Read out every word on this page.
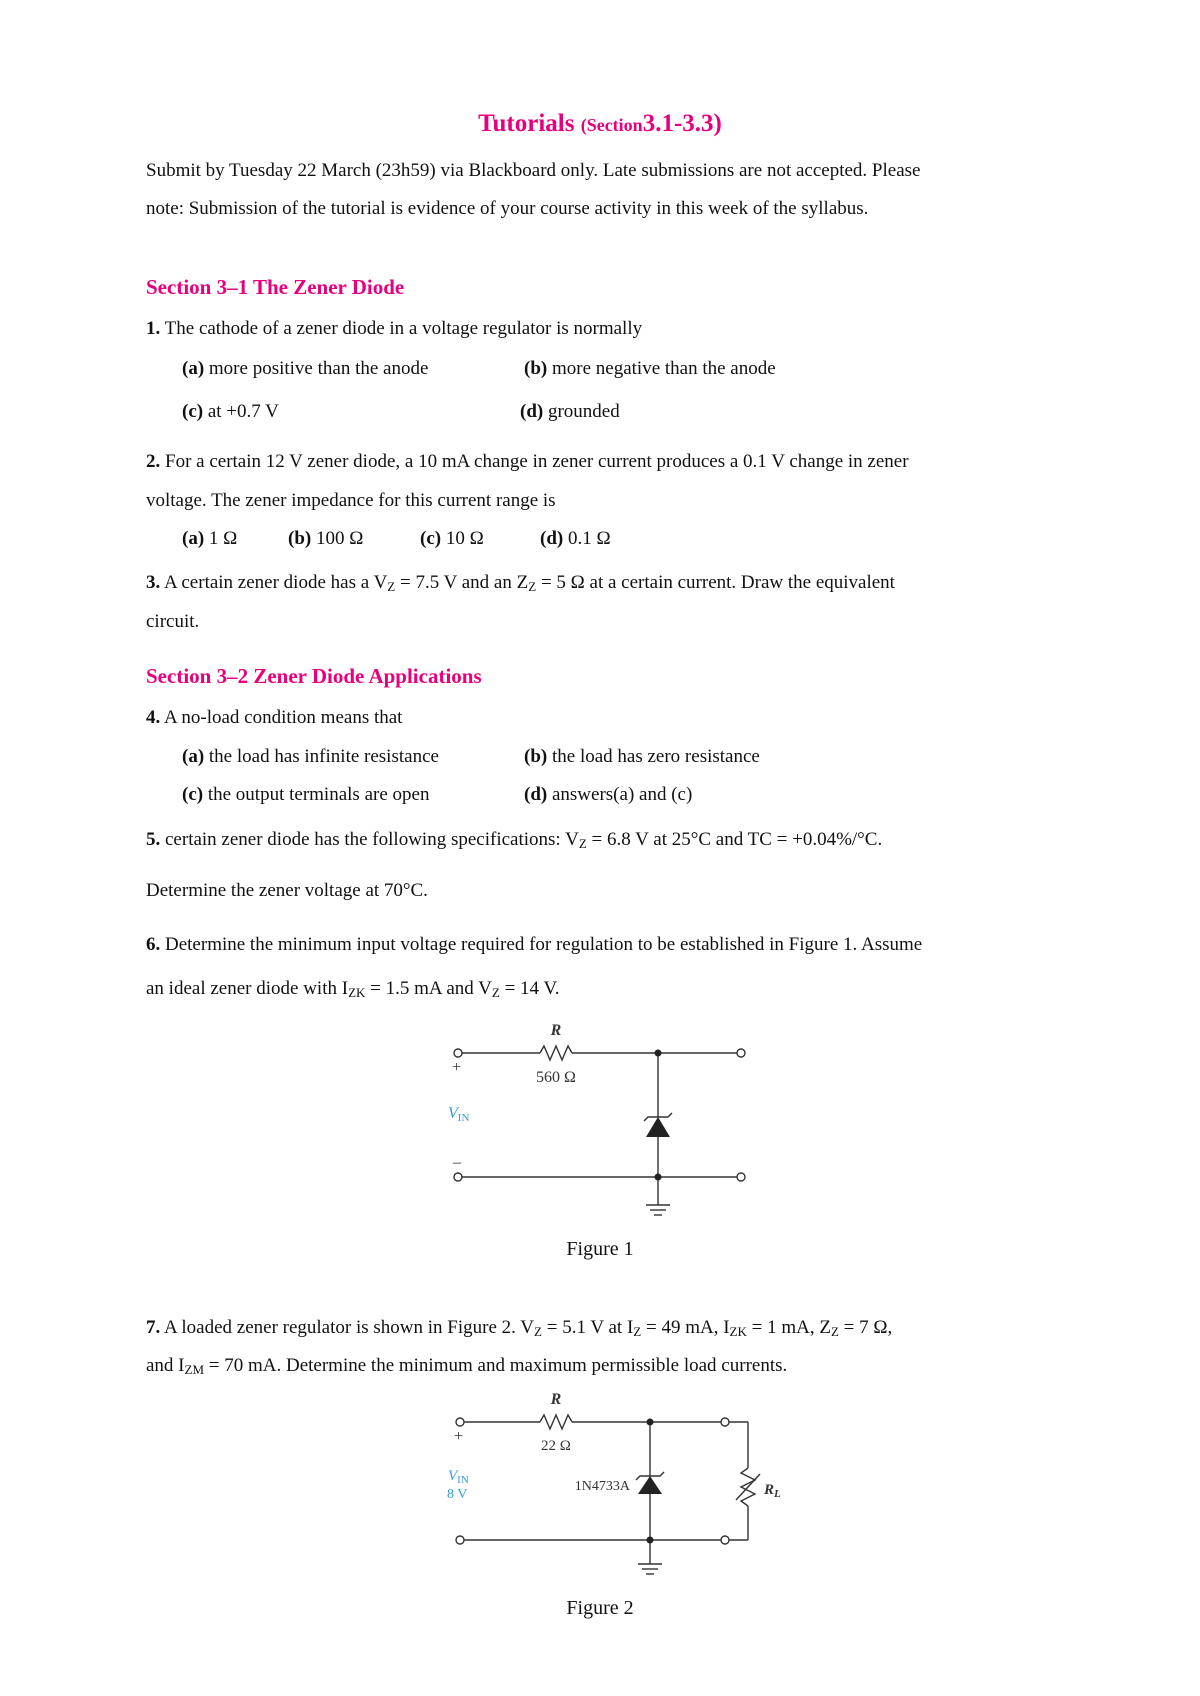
Tutorials (Section3.1-3.3)
Submit by Tuesday 22 March (23h59) via Blackboard only. Late submissions are not accepted. Please
note: Submission of the tutorial is evidence of your course activity in this week of the syllabus.
Section 3–1 The Zener Diode
1. The cathode of a zener diode in a voltage regulator is normally
(a) more positive than the anode	(b) more negative than the anode
(c) at +0.7 V	(d) grounded
2. For a certain 12 V zener diode, a 10 mA change in zener current produces a 0.1 V change in zener
voltage. The zener impedance for this current range is
(a) 1 Ω	(b) 100 Ω	(c) 10 Ω	(d) 0.1 Ω
3. A certain zener diode has a $V_Z = 7.5$ V and an $Z_Z = 5$ Ω at a certain current. Draw the equivalent
circuit.
Section 3–2 Zener Diode Applications
4. A no-load condition means that
(a) the load has infinite resistance	(b) the load has zero resistance
(c) the output terminals are open	(d) answers(a) and (c)
5. certain zener diode has the following specifications: $V_Z = 6.8$ V at 25°C and TC = +0.04%/°C.
Determine the zener voltage at 70°C.
6. Determine the minimum input voltage required for regulation to be established in Figure 1. Assume
an ideal zener diode with $I_{ZK} = 1.5$ mA and $V_Z = 14$ V.
R
560 Ω
+
–
VIN
Figure 1
7. A loaded zener regulator is shown in Figure 2. $V_Z = 5.1$ V at $I_Z = 49$ mA, $I_{ZK} = 1$ mA, $Z_Z = 7$ Ω,
and $I_{ZM} = 70$ mA. Determine the minimum and maximum permissible load currents.
R
22 Ω
+
$V_{IN}$
8 V
1N4733A	$R_L$
Figure 2
